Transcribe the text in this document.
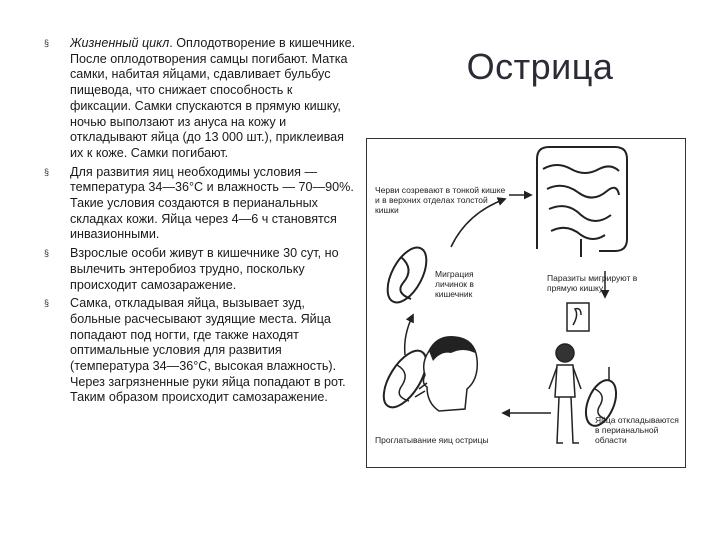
§ Жизненный цикл. Оплодотворение в кишечнике. После оплодотворения самцы погибают. Матка самки, набитая яйцами, сдавливает бульбус пищевода, что снижает способность к фиксации. Самки спускаются в прямую кишку, ночью выползают из ануса на кожу и откладывают яйца (до 13 000 шт.), приклеивая их к коже. Самки погибают.
§ Для развития яиц необходимы условия — температура 34—36°С и влажность — 70—90%. Такие условия создаются в перианальных складках кожи. Яйца через 4—6 ч становятся инвазионными.
§ Взрослые особи живут в кишечнике 30 сут, но вылечить энтеробиоз трудно, поскольку происходит самозаражение.
§ Самка, откладывая яйца, вызывает зуд, больные расчесывают зудящие места. Яйца попадают под ногти, где также находят оптимальные условия для развития (температура 34—36°С, высокая влажность). Через загрязненные руки яйца попадают в рот. Таким образом происходит самозаражение.
Острица
Черви созревают в тонкой кишке и в верхних отделах толстой кишки
Миграция личинок в кишечник
Паразиты мигрируют в прямую кишку
Проглатывание яиц острицы
Яйца откладываются в перианальной области
